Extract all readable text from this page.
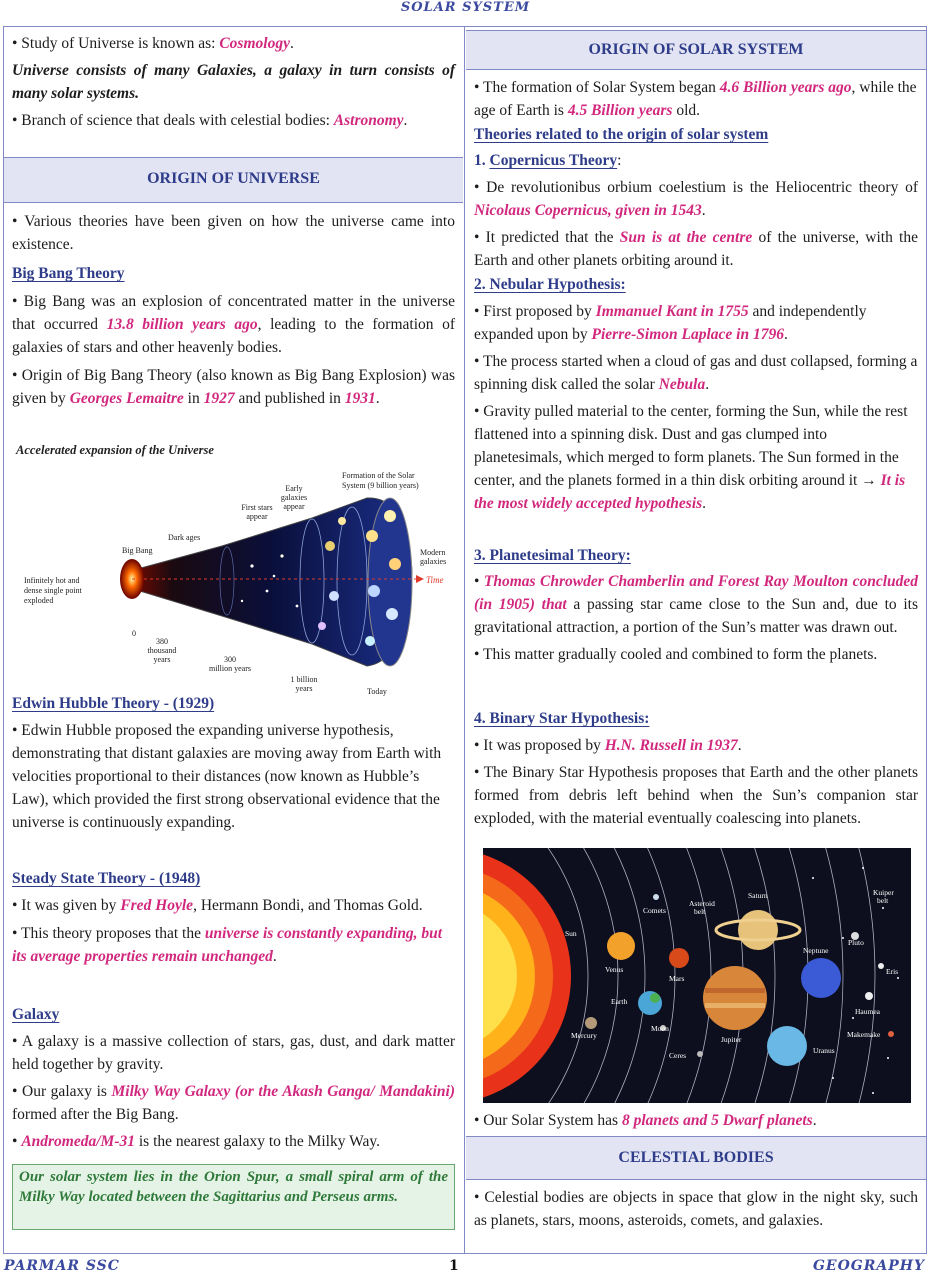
SOLAR SYSTEM

• Study of Universe is known as: Cosmology.

Universe consists of many Galaxies, a galaxy in turn consists of many solar systems.

• Branch of science that deals with celestial bodies: Astronomy.

ORIGIN OF UNIVERSE

• Various theories have been given on how the universe came into existence.

Big Bang Theory

• Big Bang was an explosion of concentrated matter in the universe that occurred 13.8 billion years ago, leading to the formation of galaxies of stars and other heavenly bodies.

• Origin of Big Bang Theory (also known as Big Bang Explosion) was given by Georges Lemaitre in 1927 and published in 1931.

Accelerated expansion of the Universe
Time
Formation of the Solar System (9 billion years)
Early galaxies appear
First stars appear
Dark ages
Big Bang
Infinitely hot and dense single point exploded
Modern galaxies
0
380 thousand years	300 million years
1 billion years	Today

Edwin Hubble Theory - (1929)

• Edwin Hubble proposed the expanding universe hypothesis, demonstrating that distant galaxies are moving away from Earth with velocities proportional to their distances (now known as Hubble’s Law), which provided the first strong observational evidence that the universe is continuously expanding.

Steady State Theory - (1948)

• It was given by Fred Hoyle, Hermann Bondi, and Thomas Gold.

• This theory proposes that the universe is constantly expanding, but its average properties remain unchanged.

Galaxy

• A galaxy is a massive collection of stars, gas, dust, and dark matter held together by gravity.

• Our galaxy is Milky Way Galaxy (or the Akash Ganga/ Mandakini) formed after the Big Bang.

• Andromeda/M-31 is the nearest galaxy to the Milky Way.

Our solar system lies in the Orion Spur, a small spiral arm of the Milky Way located between the Sagittarius and Perseus arms.
ORIGIN OF SOLAR SYSTEM

• The formation of Solar System began 4.6 Billion years ago, while the age of Earth is 4.5 Billion years old.

Theories related to the origin of solar system

1. Copernicus Theory:

• De revolutionibus orbium coelestium is the Heliocentric theory of Nicolaus Copernicus, given in 1543.

• It predicted that the Sun is at the centre of the universe, with the Earth and other planets orbiting around it.

2. Nebular Hypothesis:

• First proposed by Immanuel Kant in 1755 and independently expanded upon by Pierre-Simon Laplace in 1796.

• The process started when a cloud of gas and dust collapsed, forming a spinning disk called the solar Nebula.

• Gravity pulled material to the center, forming the Sun, while the rest flattened into a spinning disk. Dust and gas clumped into planetesimals, which merged to form planets. The Sun formed in the center, and the planets formed in a thin disk orbiting around it → It is the most widely accepted hypothesis.

3. Planetesimal Theory:

• Thomas Chrowder Chamberlin and Forest Ray Moulton concluded (in 1905) that a passing star came close to the Sun and, due to its gravitational attraction, a portion of the Sun’s matter was drawn out.

• This matter gradually cooled and combined to form the planets.

4. Binary Star Hypothesis:

• It was proposed by H.N. Russell in 1937.

• The Binary Star Hypothesis proposes that Earth and the other planets formed from debris left behind when the Sun’s companion star exploded, with the material eventually coalescing into planets.

Sun
Mercury
Venus
Earth
Moon
Mars
Comets
Asteroid belt
Ceres
Jupiter
Saturn
Neptune
Uranus
Kuiper belt
Pluto
Eris
Haumea
Makemake

• Our Solar System has 8 planets and 5 Dwarf planets.

CELESTIAL BODIES

• Celestial bodies are objects in space that glow in the night sky, such as planets, stars, moons, asteroids, comets, and galaxies.

PARMAR SSC	1	GEOGRAPHY
